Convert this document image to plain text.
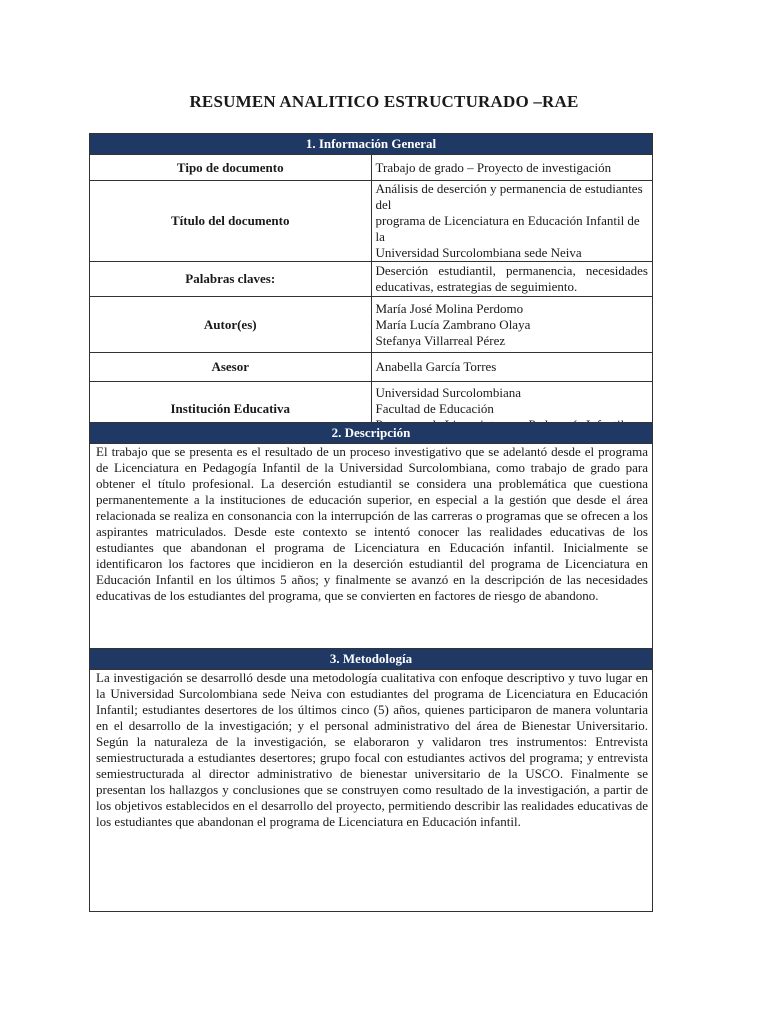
RESUMEN ANALITICO ESTRUCTURADO –RAE
1. Información General	
Tipo de documento	Trabajo de grado – Proyecto de investigación

Título del documento	Análisis de deserción y permanencia de estudiantes del
programa de Licenciatura en Educación Infantil de la
Universidad Surcolombiana sede Neiva

Palabras claves:	Deserción estudiantil, permanencia, necesidades educativas, estrategias de seguimiento.

Autor(es)	María José Molina Perdomo
María Lucía Zambrano Olaya
Stefanya Villarreal Pérez

Asesor	Anabella García Torres

Institución Educativa	Universidad Surcolombiana
Facultad de Educación
2. Descripción
El trabajo que se presenta es el resultado de un proceso investigativo que se adelantó desde el programa de Licenciatura en Pedagogía Infantil de la Universidad Surcolombiana, como trabajo de grado para obtener el título profesional. La deserción estudiantil se considera una problemática que cuestiona permanentemente a la instituciones de educación superior, en especial a la gestión que desde el área relacionada se realiza en consonancia con la interrupción de las carreras o programas que se ofrecen a los aspirantes matriculados. Desde este contexto se intentó conocer las realidades educativas de los estudiantes que abandonan el programa de Licenciatura en Educación infantil. Inicialmente se identificaron los factores que incidieron en la deserción estudiantil del programa de Licenciatura en Educación Infantil en los últimos 5 años; y finalmente se avanzó en la descripción de las necesidades educativas de los estudiantes del programa, que se convierten en factores de riesgo de abandono.
3. Metodología
La investigación se desarrolló desde una metodología cualitativa con enfoque descriptivo y tuvo lugar en la Universidad Surcolombiana sede Neiva con estudiantes del programa de Licenciatura en Educación Infantil; estudiantes desertores de los últimos cinco (5) años, quienes participaron de manera voluntaria en el desarrollo de la investigación; y el personal administrativo del área de Bienestar Universitario. Según la naturaleza de la investigación, se elaboraron y validaron tres instrumentos: Entrevista semiestructurada a estudiantes desertores; grupo focal con estudiantes activos del programa; y entrevista semiestructurada al director administrativo de bienestar universitario de la USCO. Finalmente se presentan los hallazgos y conclusiones que se construyen como resultado de la investigación, a partir de los objetivos establecidos en el desarrollo del proyecto, permitiendo describir las realidades educativas de los estudiantes que abandonan el programa de Licenciatura en Educación infantil.
